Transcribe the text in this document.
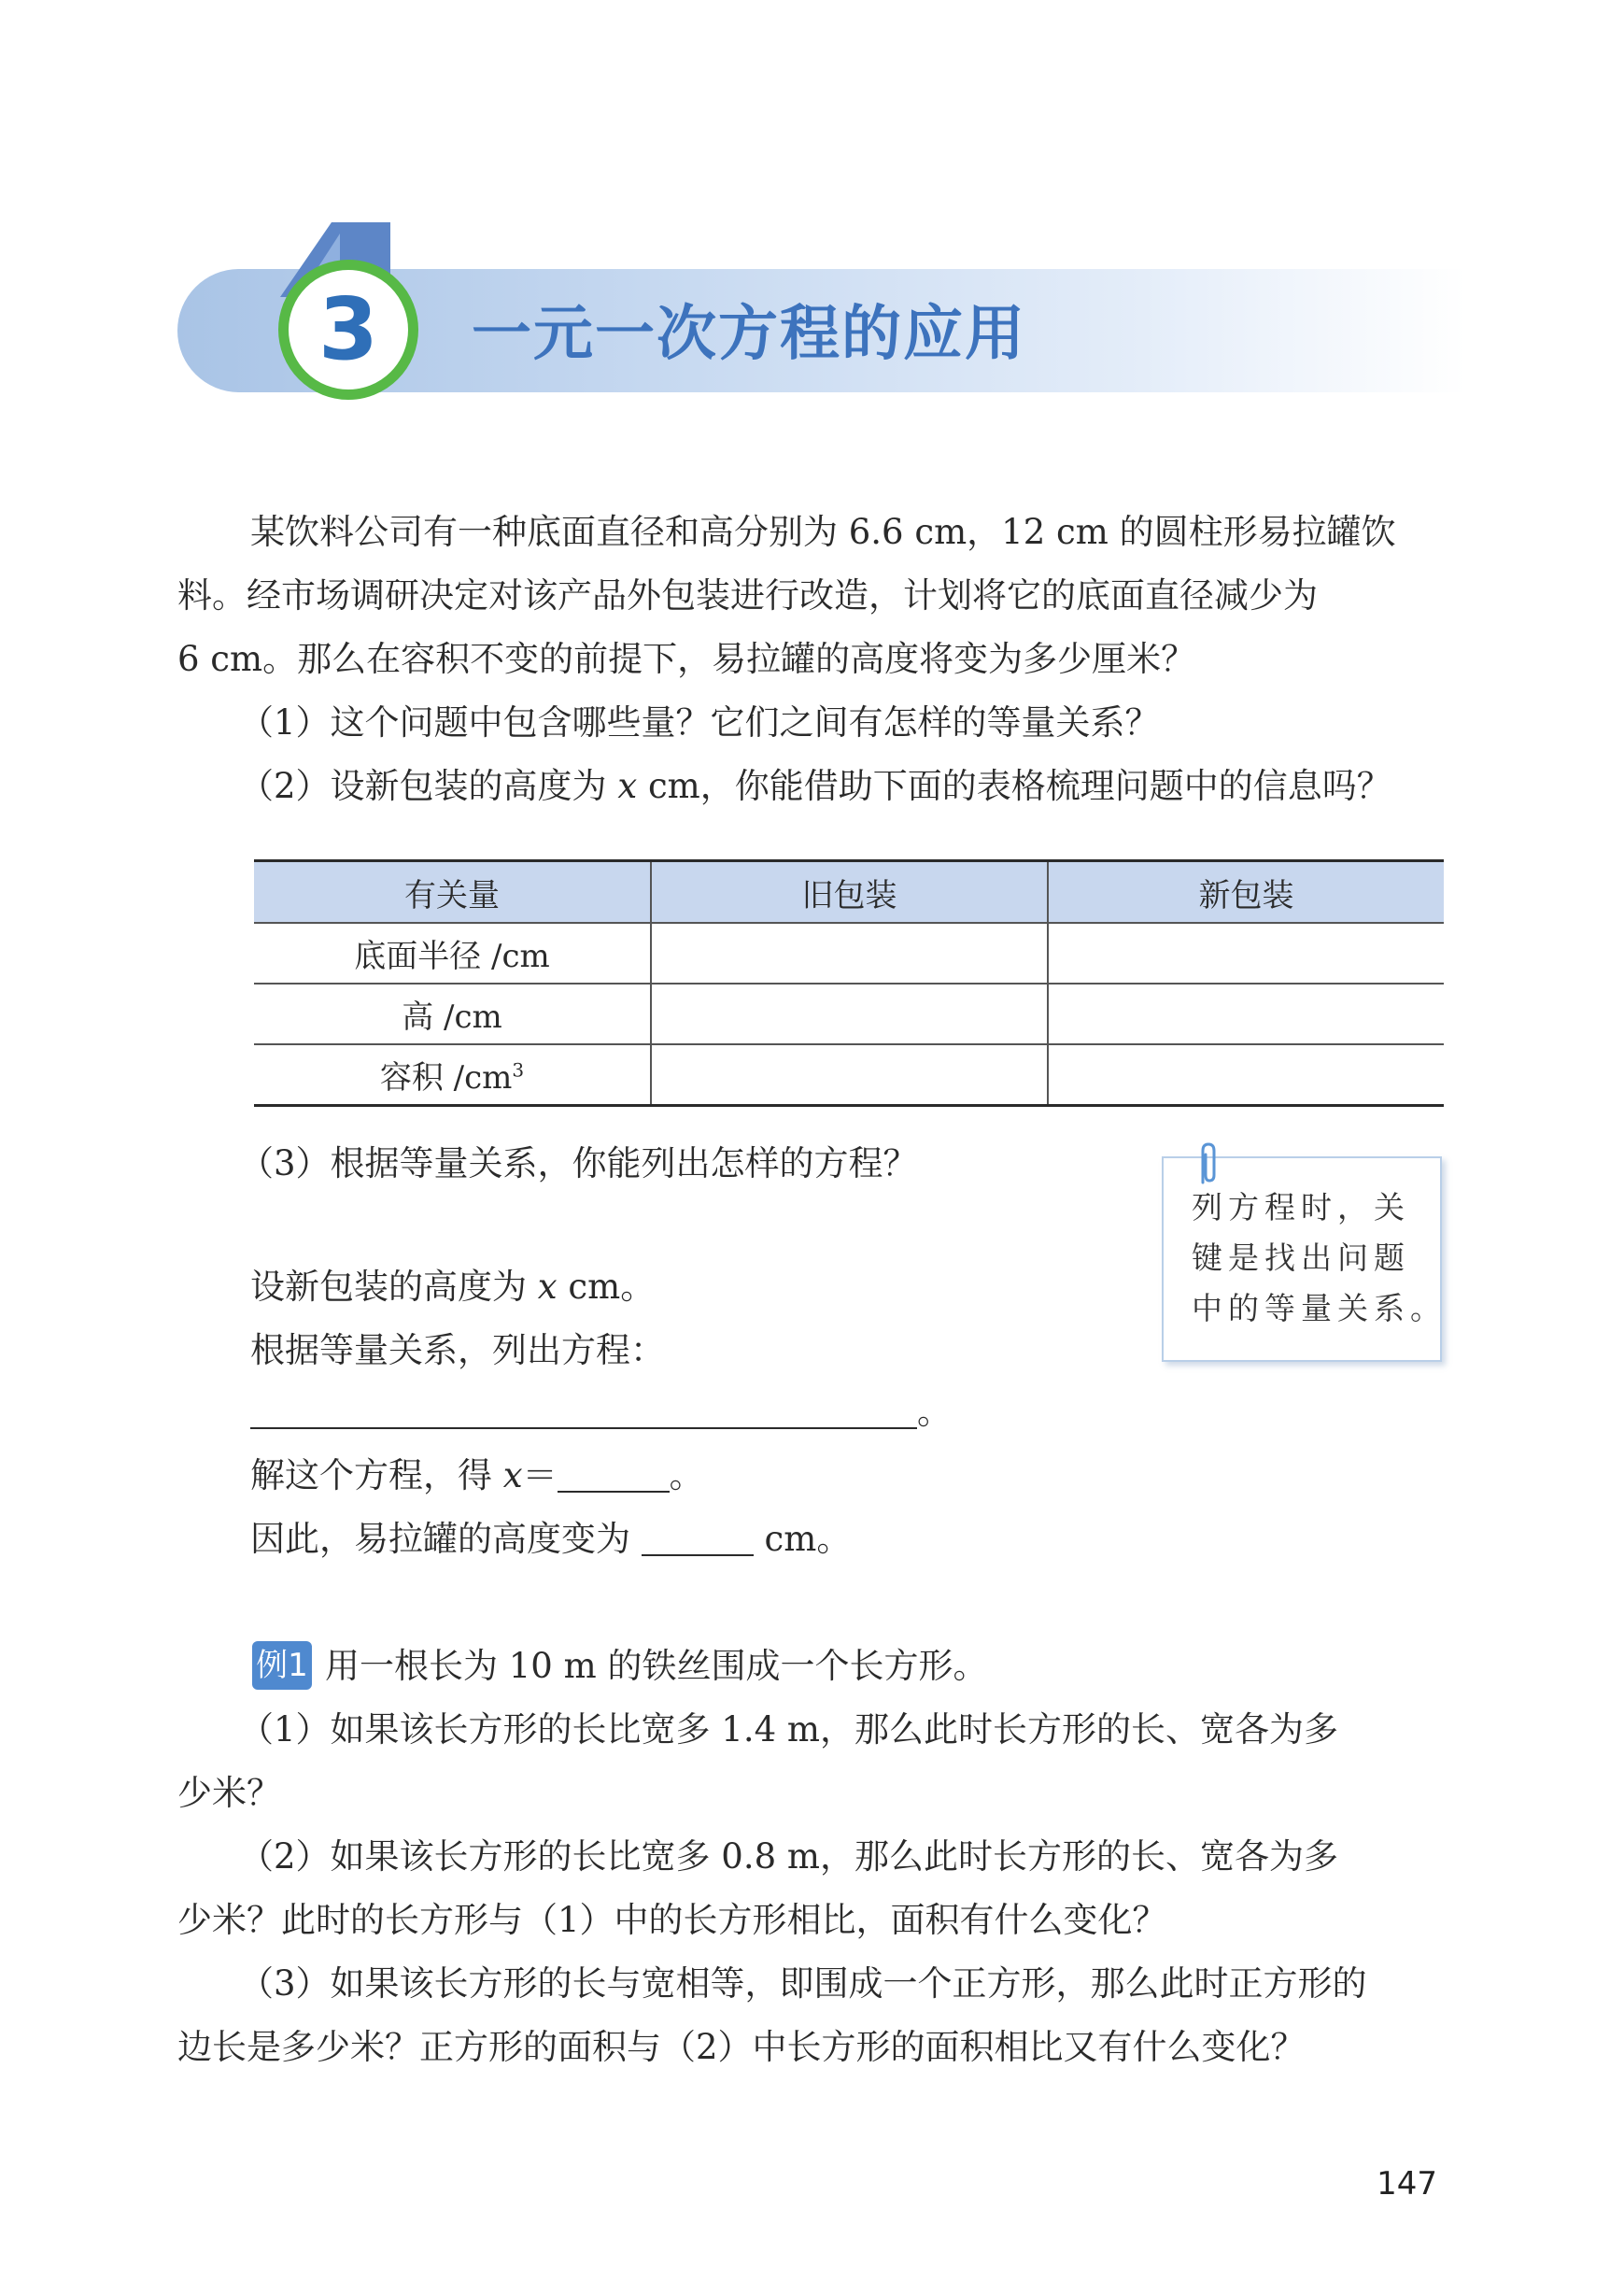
3	一元一次方程的应用
某饮料公司有一种底面直径和高分别为 6.6 cm，12 cm 的圆柱形易拉罐饮
料。经市场调研决定对该产品外包装进行改造，计划将它的底面直径减少为
6 cm。那么在容积不变的前提下，易拉罐的高度将变为多少厘米？
（1）这个问题中包含哪些量？它们之间有怎样的等量关系？
（2）设新包装的高度为 x cm，你能借助下面的表格梳理问题中的信息吗？
有关量	旧包装	新包装
底面半径 /cm		
高 /cm		
容积 $/cm^3$		
（3）根据等量关系，你能列出怎样的方程？
设新包装的高度为 x cm。
根据等量关系，列出方程：
。
解这个方程，得 x＝	。
因此，易拉罐的高度变为	cm。
列方程时，关
键是找出问题
中的等量关系。
例1 用一根长为 10 m 的铁丝围成一个长方形。
（1）如果该长方形的长比宽多 1.4 m，那么此时长方形的长、宽各为多
少米？
（2）如果该长方形的长比宽多 0.8 m，那么此时长方形的长、宽各为多
少米？此时的长方形与（1）中的长方形相比，面积有什么变化？
（3）如果该长方形的长与宽相等，即围成一个正方形，那么此时正方形的
边长是多少米？正方形的面积与（2）中长方形的面积相比又有什么变化？
147
